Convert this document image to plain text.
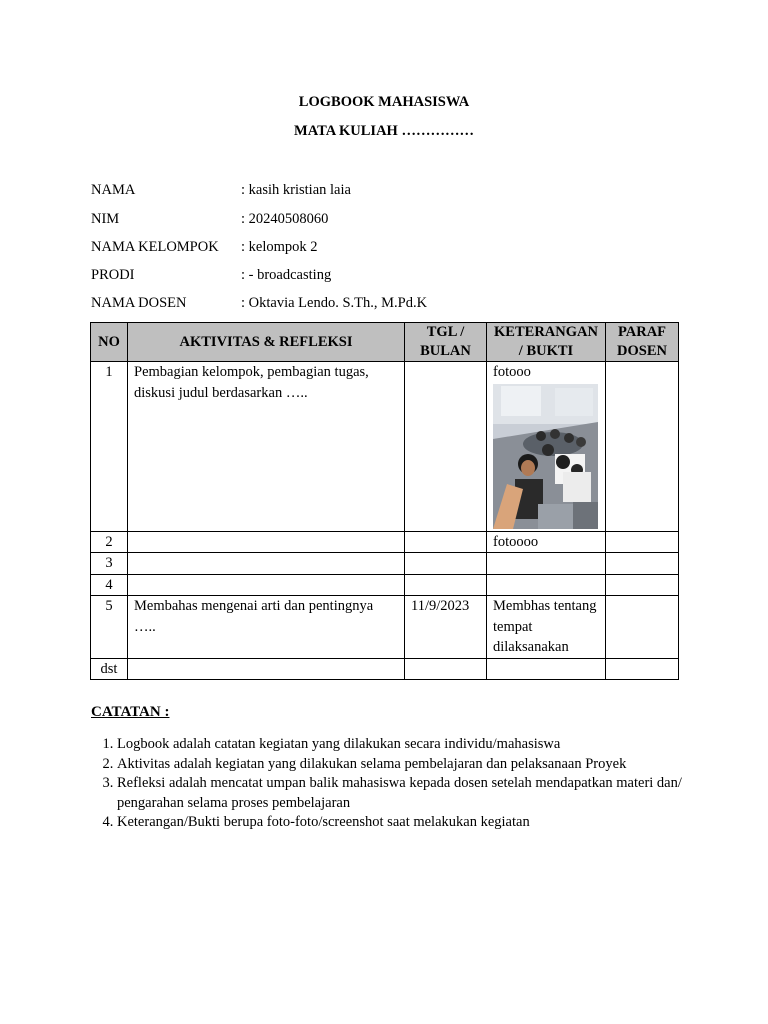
LOGBOOK MAHASISWA
MATA KULIAH ……………
NAMA	: kasih kristian laia
NIM	: 20240508060
NAMA KELOMPOK	: kelompok 2
PRODI	: - broadcasting
NAMA DOSEN	: Oktavia Lendo. S.Th., M.Pd.K
NO	AKTIVITAS & REFLEKSI	TGL / BULAN	KETERANGAN / BUKTI	PARAF DOSEN
1	Pembagian kelompok, pembagian tugas, diskusi judul berdasarkan …..		fotooo	

2			fotoooo	
3				
4				
5	Membahas mengenai arti dan pentingnya …..	11/9/2023	Membhas tentang tempat dilaksanakan	
dst				
CATATAN :
1. Logbook adalah catatan kegiatan yang dilakukan secara individu/mahasiswa
2. Aktivitas adalah kegiatan yang dilakukan selama pembelajaran dan pelaksanaan Proyek
3. Refleksi adalah mencatat umpan balik mahasiswa kepada dosen setelah mendapatkan materi dan/ pengarahan selama proses pembelajaran
4. Keterangan/Bukti berupa foto-foto/screenshot saat melakukan kegiatan
